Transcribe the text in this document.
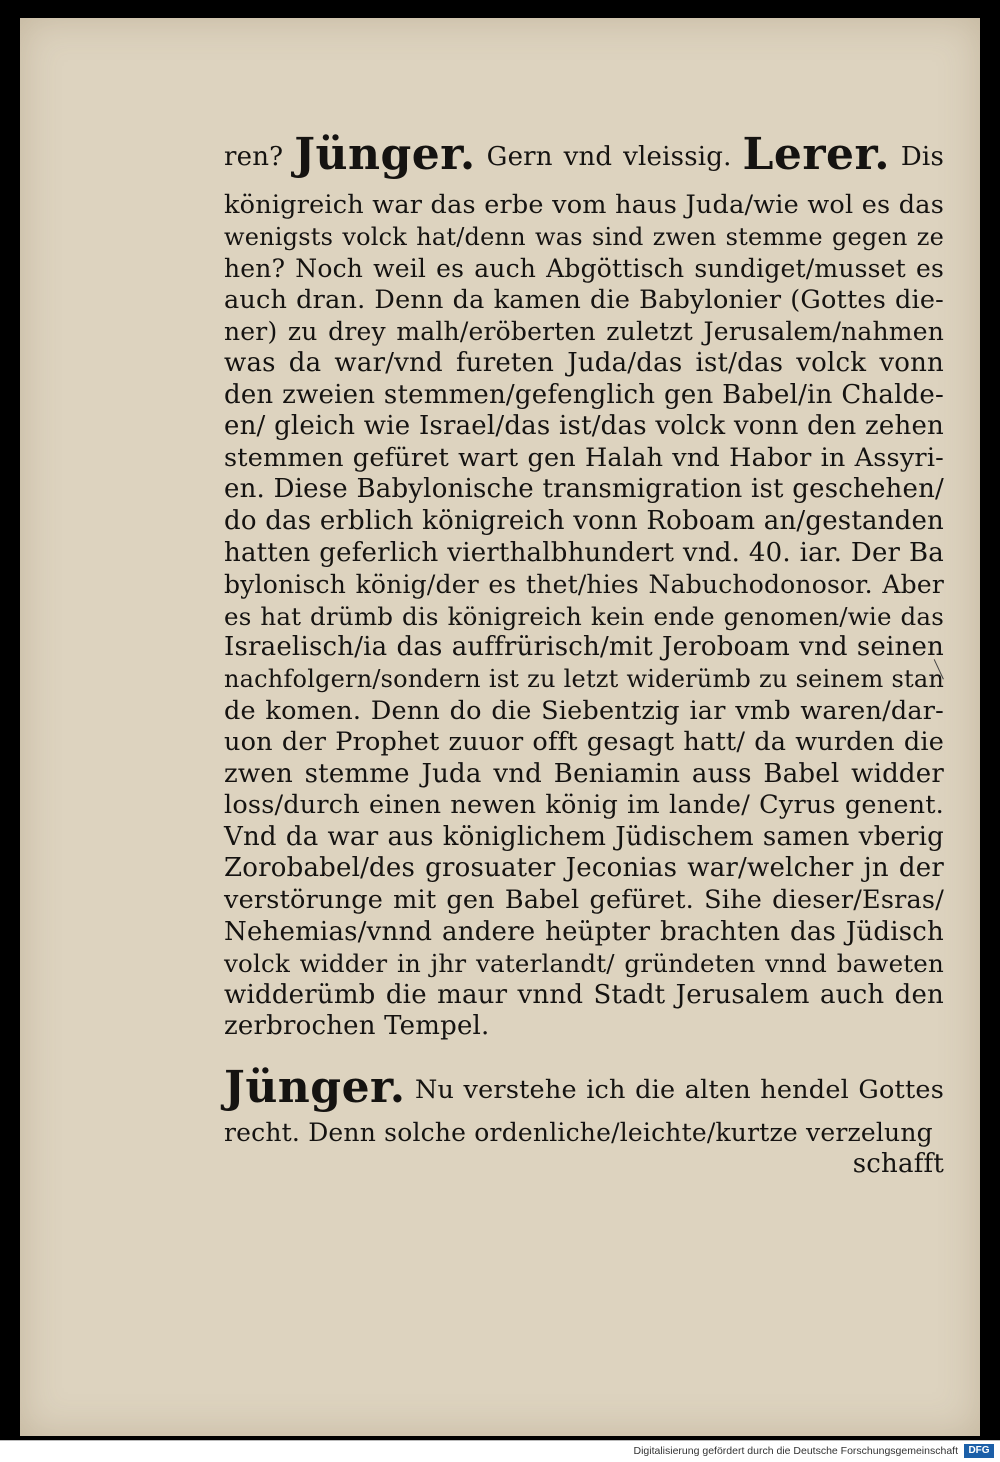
ren? Jünger. Gern vnd vleissig. Lerer. Dis
königreich war das erbe vom haus Juda/wie wol es das
wenigsts volck hat/denn was sind zwen stemme gegen ze
hen? Noch weil es auch Abgöttisch sundiget/musset es
auch dran. Denn da kamen die Babylonier (Gottes die-
ner) zu drey malh/eröberten zuletzt Jerusalem/nahmen
was da war/vnd fureten Juda/das ist/das volck vonn
den zweien stemmen/gefenglich gen Babel/in Chalde-
en/ gleich wie Israel/das ist/das volck vonn den zehen
stemmen gefüret wart gen Halah vnd Habor in Assyri-
en. Diese Babylonische transmigration ist geschehen/
do das erblich königreich vonn Roboam an/gestanden
hatten geferlich vierthalbhundert vnd. 40. iar. Der Ba
bylonisch könig/der es thet/hies Nabuchodonosor. Aber
es hat drümb dis königreich kein ende genomen/wie das
Israelisch/ia das auffrürisch/mit Jeroboam vnd seinen
nachfolgern/sondern ist zu letzt widerümb zu seinem stan
de komen. Denn do die Siebentzig iar vmb waren/dar-
uon der Prophet zuuor offt gesagt hatt/ da wurden die
zwen stemme Juda vnd Beniamin auss Babel widder
loss/durch einen newen könig im lande/ Cyrus genent.
Vnd da war aus königlichem Jüdischem samen vberig
Zorobabel/des grosuater Jeconias war/welcher jn der
verstörunge mit gen Babel gefüret. Sihe dieser/Esras/
Nehemias/vnnd andere heüpter brachten das Jüdisch
volck widder in jhr vaterlandt/ gründeten vnnd baweten
widderümb die maur vnnd Stadt Jerusalem auch den
zerbrochen Tempel.
Jünger. Nu verstehe ich die alten hendel Gottes
recht. Denn solche ordenliche/leichte/kurtze verzelung
schafft
Digitalisierung gefördert durch die Deutsche Forschungsgemeinschaft	DFG
